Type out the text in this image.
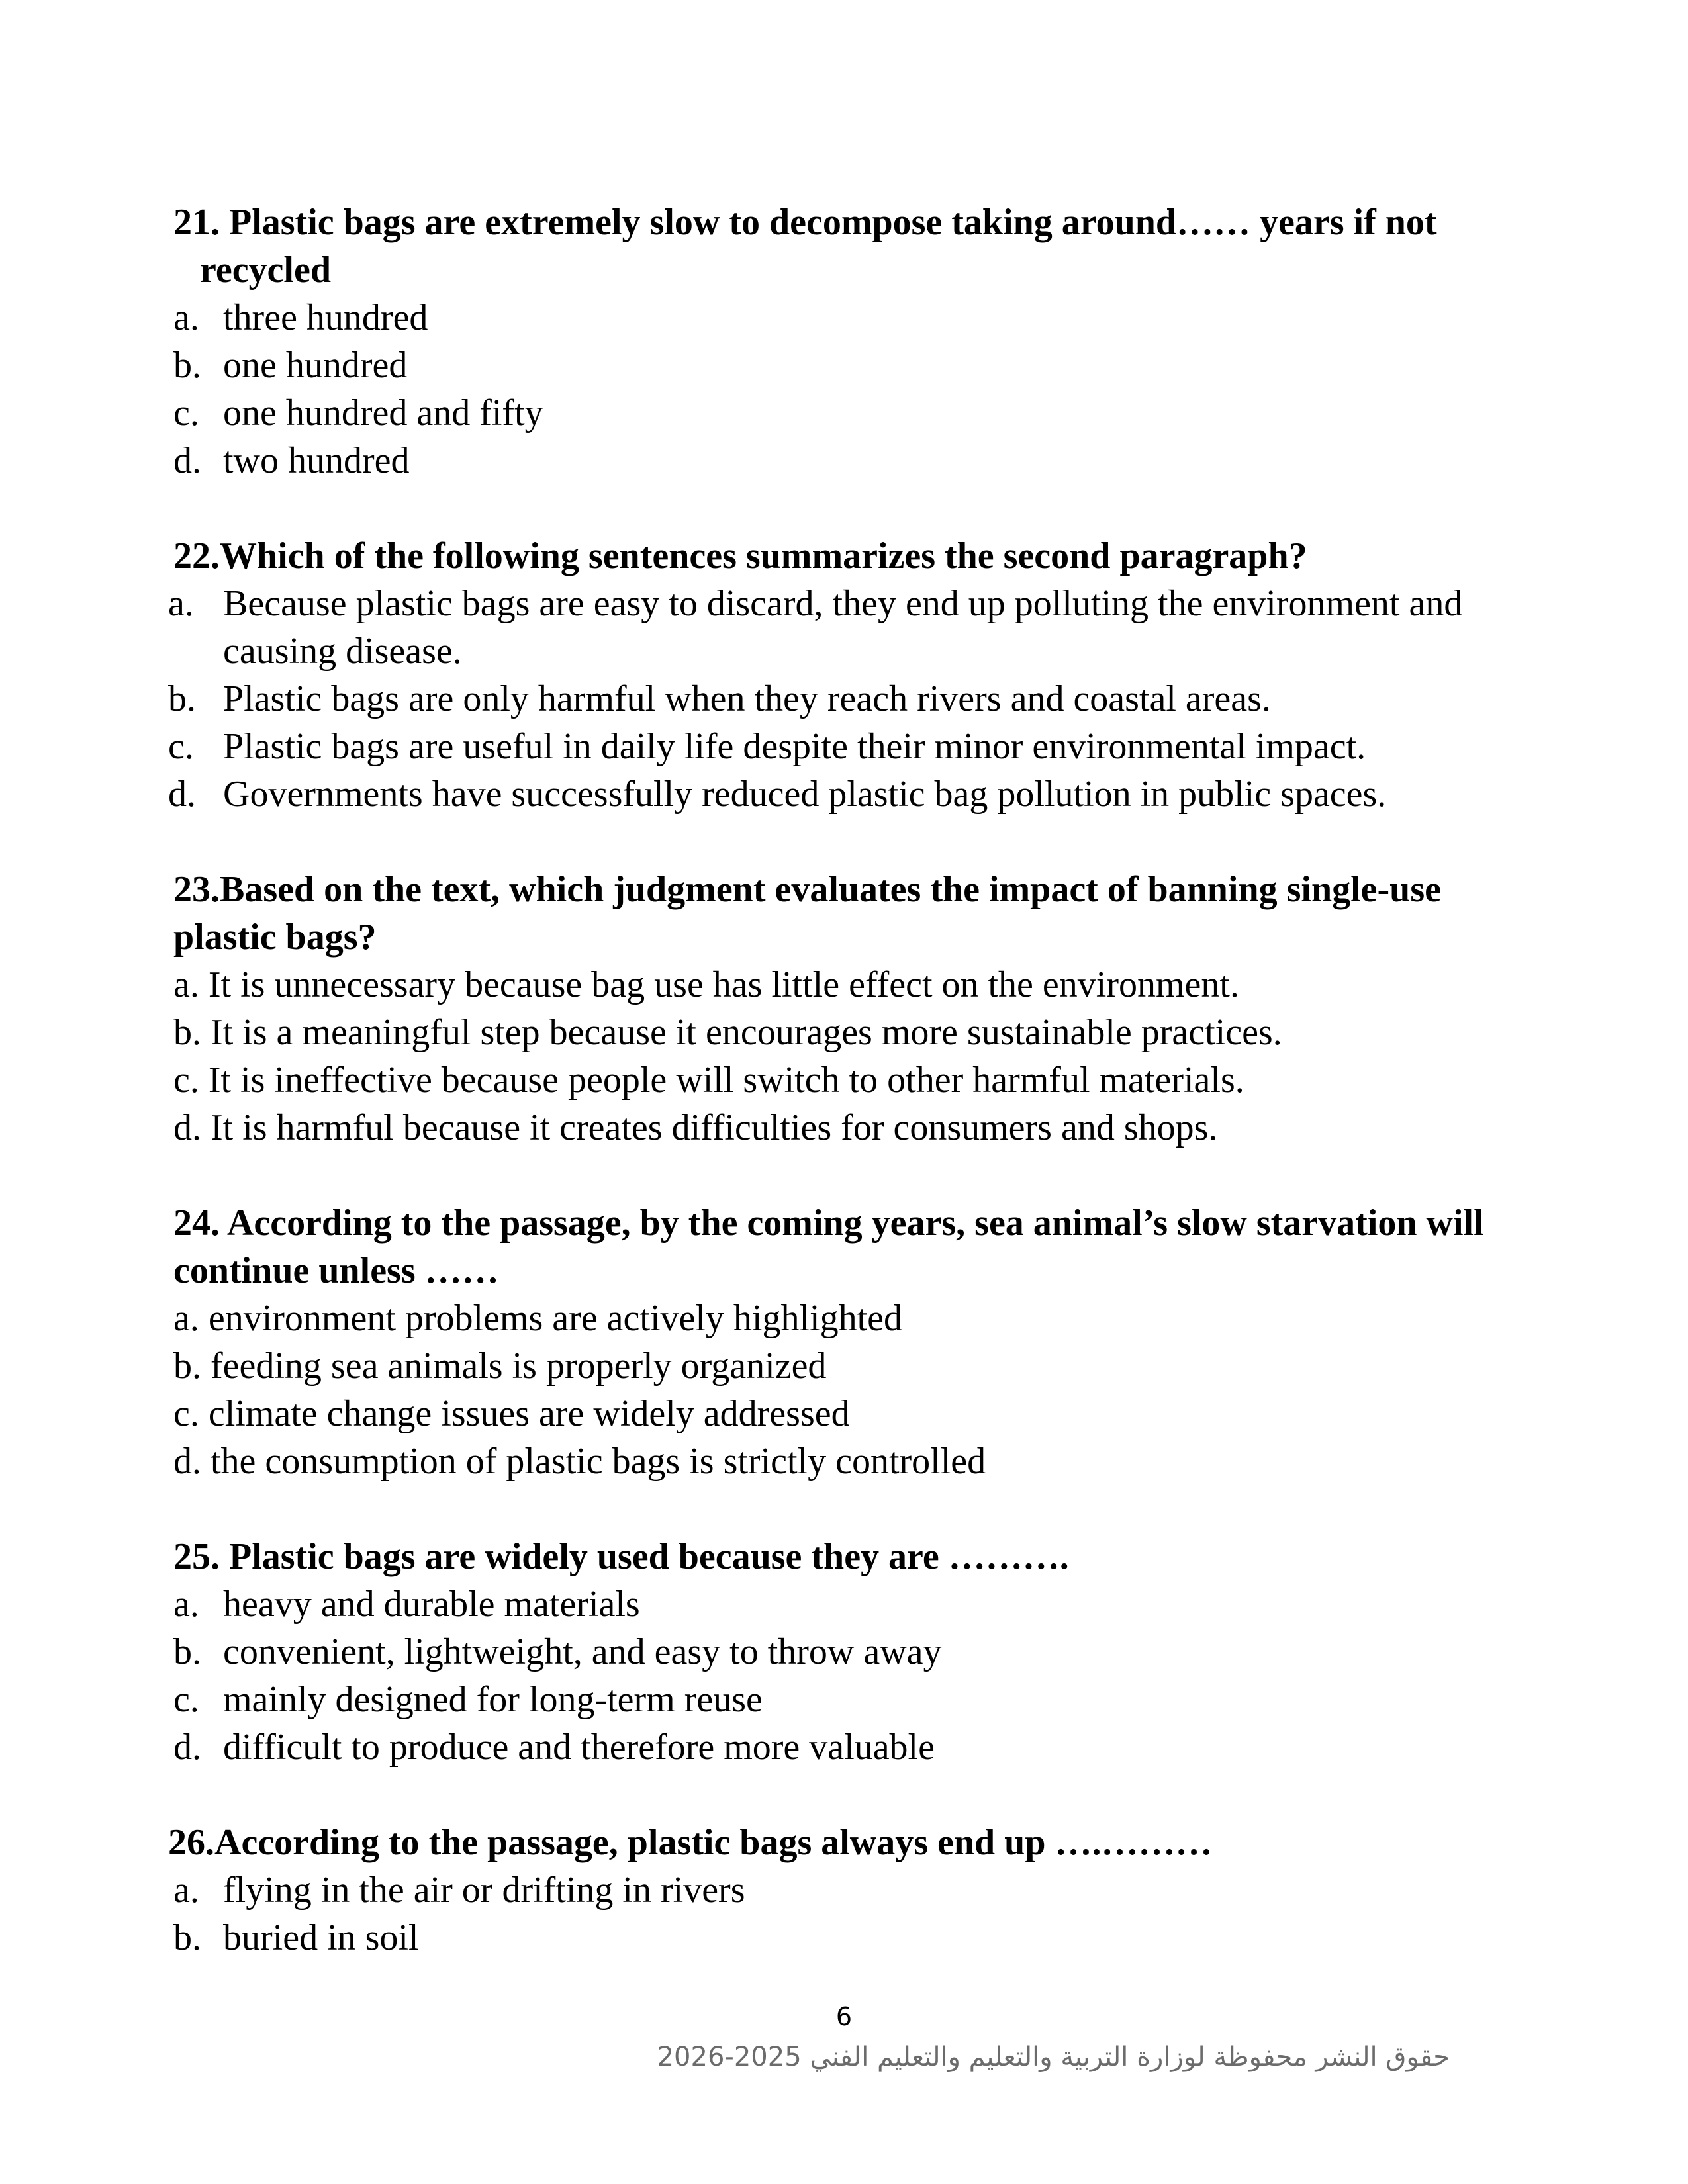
21. Plastic bags are extremely slow to decompose taking around…… years if not recycled

a. three hundred
b. one hundred
c. one hundred and fifty
d. two hundred

22.Which of the following sentences summarizes the second paragraph?

a. Because plastic bags are easy to discard, they end up polluting the environment and causing disease.
b. Plastic bags are only harmful when they reach rivers and coastal areas.
c. Plastic bags are useful in daily life despite their minor environmental impact.
d. Governments have successfully reduced plastic bag pollution in public spaces.

23.Based on the text, which judgment evaluates the impact of banning single-use plastic bags?

a. It is unnecessary because bag use has little effect on the environment.
b. It is a meaningful step because it encourages more sustainable practices.
c. It is ineffective because people will switch to other harmful materials.
d. It is harmful because it creates difficulties for consumers and shops.

24. According to the passage, by the coming years, sea animal’s slow starvation will continue unless ……

a. environment problems are actively highlighted
b. feeding sea animals is properly organized
c. climate change issues are widely addressed
d. the consumption of plastic bags is strictly controlled

25. Plastic bags are widely used because they are ……….

a. heavy and durable materials
b. convenient, lightweight, and easy to throw away
c. mainly designed for long-term reuse
d. difficult to produce and therefore more valuable

26.According to the passage, plastic bags always end up ….………

a. flying in the air or drifting in rivers
b. buried in soil
6
حقوق النشر محفوظة لوزارة التربية والتعليم والتعليم الفني 2025-2026
